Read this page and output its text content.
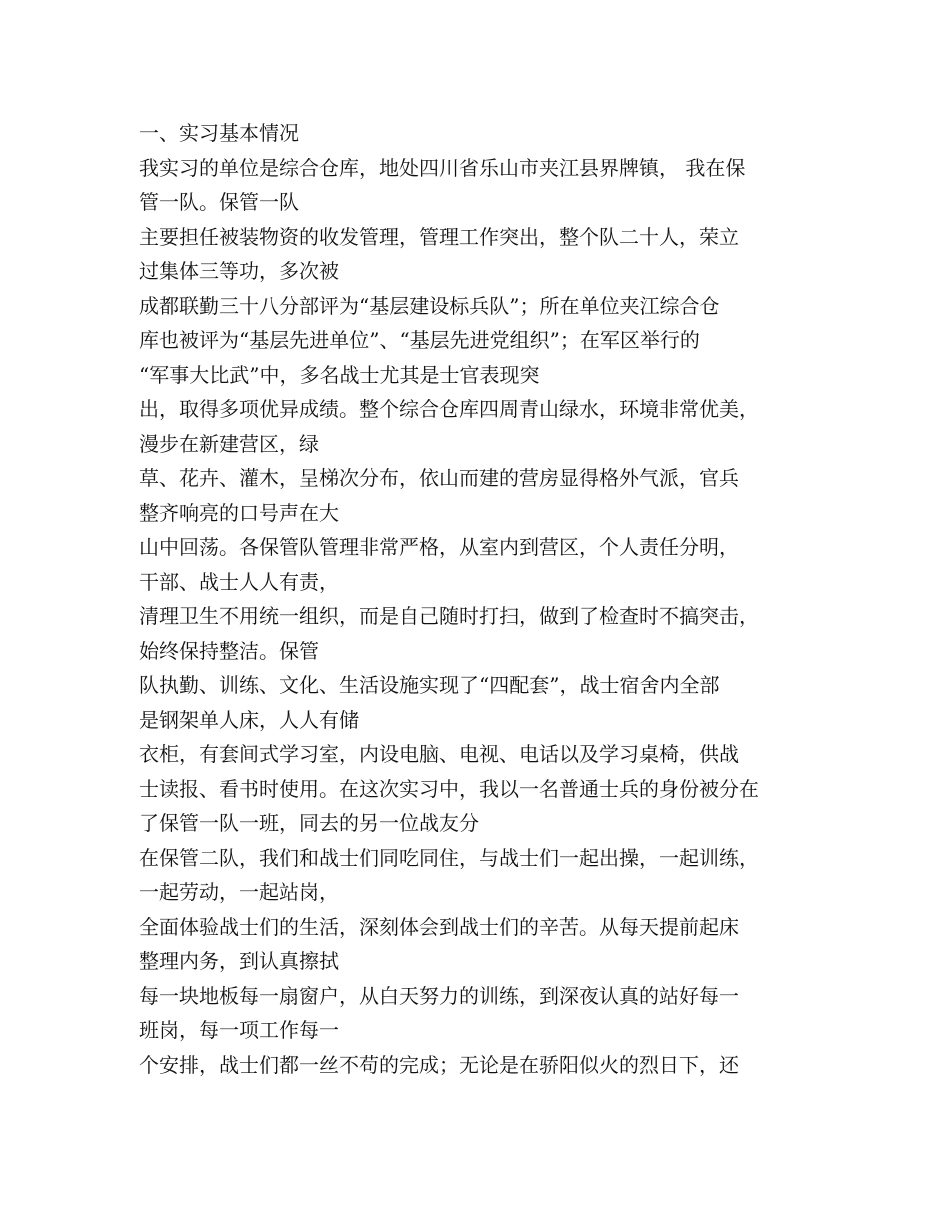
一、实习基本情况
我实习的单位是综合仓库，地处四川省乐山市夹江县界牌镇， 我在保
管一队。保管一队
主要担任被装物资的收发管理，管理工作突出，整个队二十人，荣立
过集体三等功，多次被
成都联勤三十八分部评为“基层建设标兵队”；所在单位夹江综合仓
库也被评为“基层先进单位”、“基层先进党组织”；在军区举行的
“军事大比武”中，多名战士尤其是士官表现突
出，取得多项优异成绩。整个综合仓库四周青山绿水，环境非常优美，
漫步在新建营区，绿
草、花卉、灌木，呈梯次分布，依山而建的营房显得格外气派，官兵
整齐响亮的口号声在大
山中回荡。各保管队管理非常严格，从室内到营区，个人责任分明，
干部、战士人人有责，
清理卫生不用统一组织，而是自己随时打扫，做到了检查时不搞突击，
始终保持整洁。保管
队执勤、训练、文化、生活设施实现了“四配套”，战士宿舍内全部
是钢架单人床，人人有储
衣柜，有套间式学习室，内设电脑、电视、电话以及学习桌椅，供战
士读报、看书时使用。在这次实习中，我以一名普通士兵的身份被分在
了保管一队一班，同去的另一位战友分
在保管二队，我们和战士们同吃同住，与战士们一起出操，一起训练，
一起劳动，一起站岗，
全面体验战士们的生活，深刻体会到战士们的辛苦。从每天提前起床
整理内务，到认真擦拭
每一块地板每一扇窗户，从白天努力的训练，到深夜认真的站好每一
班岗，每一项工作每一
个安排，战士们都一丝不苟的完成；无论是在骄阳似火的烈日下，还
